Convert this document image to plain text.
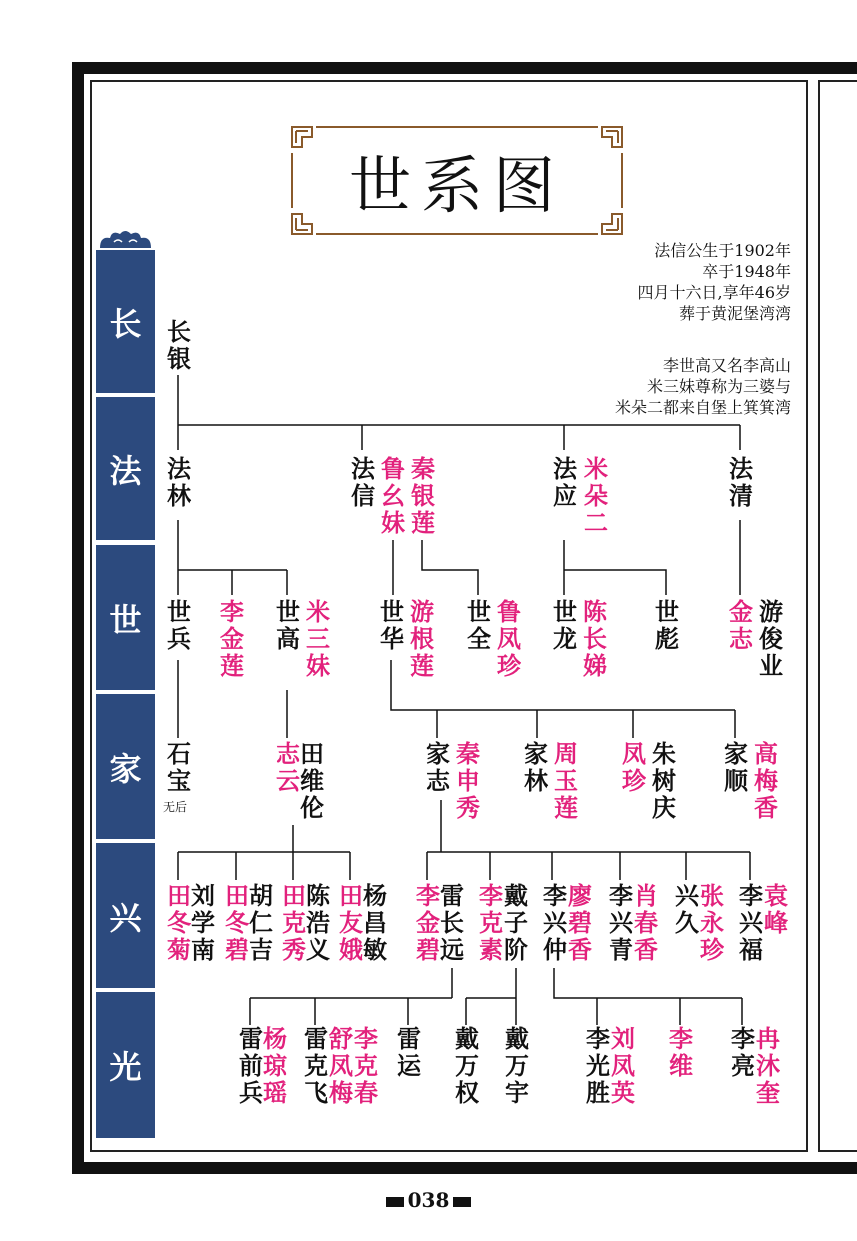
长
法
世
家
兴
光
世系图
法信公生于1902年
卒于1948年
四月十六日,享年46岁
葬于黄泥堡湾湾
李世高又名李高山
米三妹尊称为三婆与
米朵二都来自堡上箕箕湾
长银
法林
法信
鲁幺妹
秦银莲
法应
米朵二
法清
世兵
李金莲
世高
米三妹
世华
游根莲
世全
鲁凤珍
世龙
陈长娣
世彪
金志
游俊业
石宝
无后
志云
田维伦
家志
秦申秀
家林
周玉莲
凤珍
朱树庆
家顺
高梅香
田冬菊
刘学南
田冬碧
胡仁吉
田克秀
陈浩义
田友娥
杨昌敏
李金碧
雷长远
李克素
戴子阶
李兴仲
廖碧香
李兴青
肖春香
兴久
张永珍
李兴福
袁峰
雷前兵
杨琼瑶
雷克飞
舒凤梅
李克春
雷运
戴万权
戴万宇
李光胜
刘凤英
李维
李亮
冉沐奎
038
